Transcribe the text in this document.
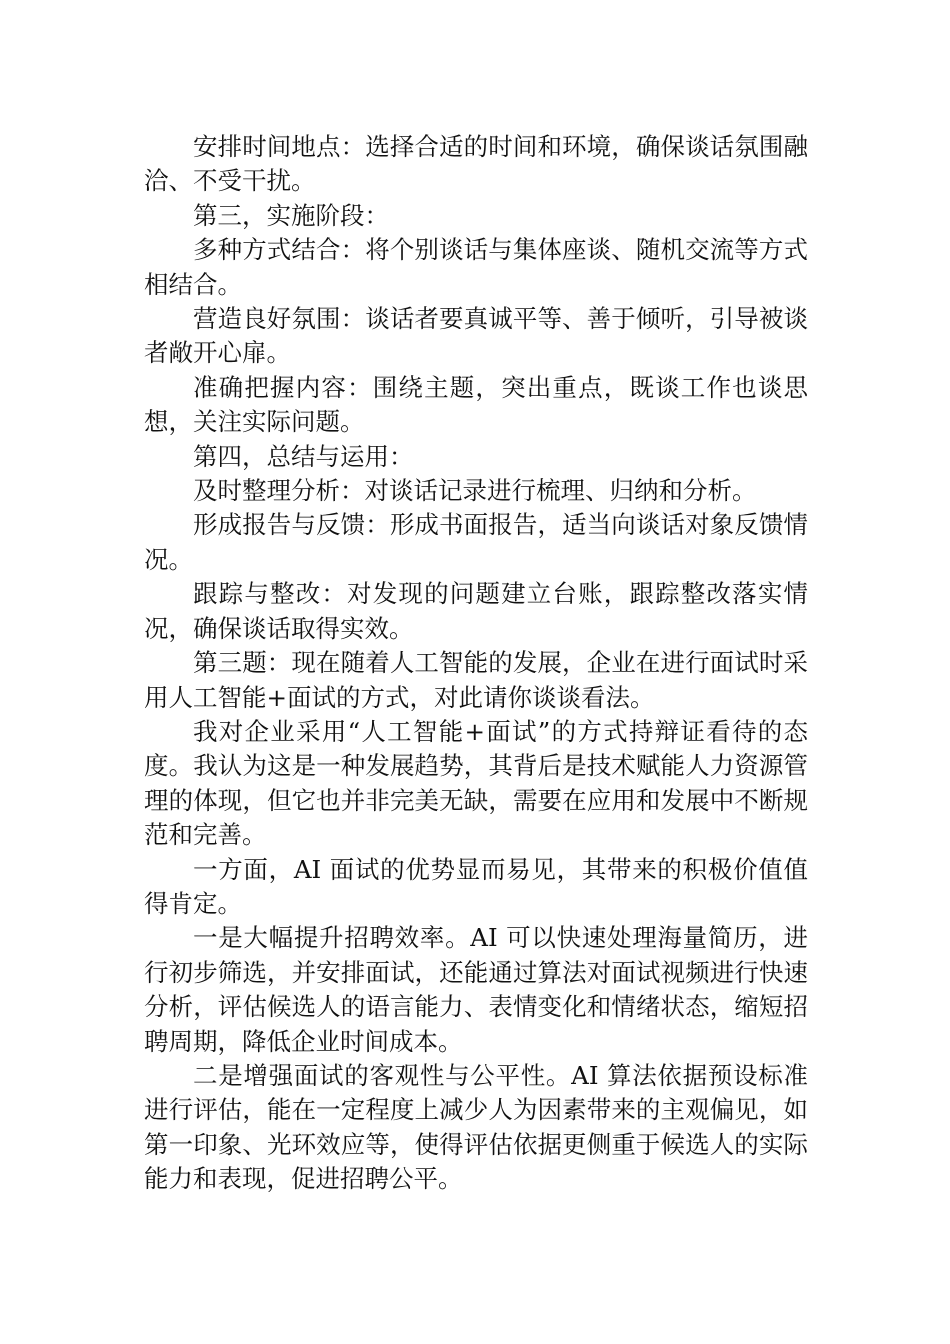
安排时间地点：选择合适的时间和环境，确保谈话氛围融洽、不受干扰。

第三，实施阶段：

多种方式结合：将个别谈话与集体座谈、随机交流等方式相结合。

营造良好氛围：谈话者要真诚平等、善于倾听，引导被谈者敞开心扉。

准确把握内容：围绕主题，突出重点，既谈工作也谈思想，关注实际问题。

第四，总结与运用：

及时整理分析：对谈话记录进行梳理、归纳和分析。

形成报告与反馈：形成书面报告，适当向谈话对象反馈情况。

跟踪与整改：对发现的问题建立台账，跟踪整改落实情况，确保谈话取得实效。

第三题：现在随着人工智能的发展，企业在进行面试时采用人工智能+面试的方式，对此请你谈谈看法。

我对企业采用“人工智能+面试”的方式持辩证看待的态度。我认为这是一种发展趋势，其背后是技术赋能人力资源管理的体现，但它也并非完美无缺，需要在应用和发展中不断规范和完善。

一方面，AI 面试的优势显而易见，其带来的积极价值值得肯定。

一是大幅提升招聘效率。AI 可以快速处理海量简历，进行初步筛选，并安排面试，还能通过算法对面试视频进行快速分析，评估候选人的语言能力、表情变化和情绪状态，缩短招聘周期，降低企业时间成本。

二是增强面试的客观性与公平性。AI 算法依据预设标准进行评估，能在一定程度上减少人为因素带来的主观偏见，如第一印象、光环效应等，使得评估依据更侧重于候选人的实际能力和表现，促进招聘公平。
